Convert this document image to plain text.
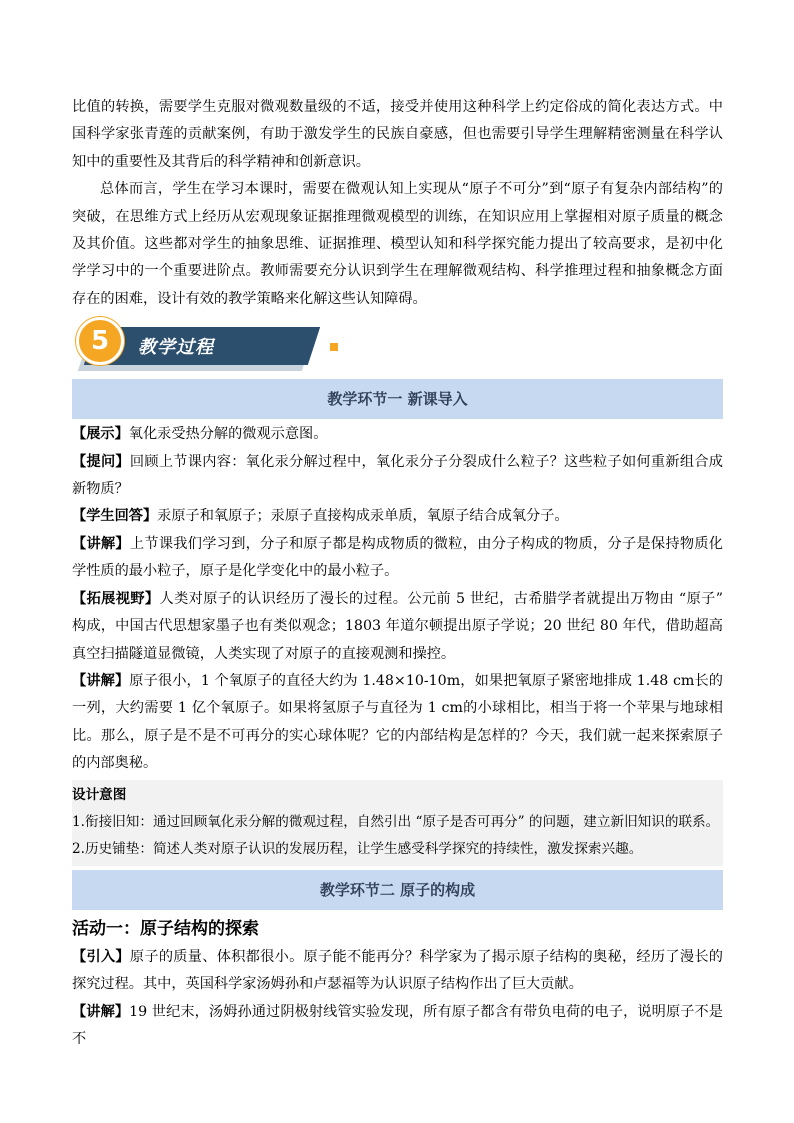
比值的转换，需要学生克服对微观数量级的不适，接受并使用这种科学上约定俗成的简化表达方式。中国科学家张青莲的贡献案例，有助于激发学生的民族自豪感，但也需要引导学生理解精密测量在科学认知中的重要性及其背后的科学精神和创新意识。

总体而言，学生在学习本课时，需要在微观认知上实现从“原子不可分”到“原子有复杂内部结构”的突破，在思维方式上经历从宏观现象证据推理微观模型的训练，在知识应用上掌握相对原子质量的概念及其价值。这些都对学生的抽象思维、证据推理、模型认知和科学探究能力提出了较高要求，是初中化学学习中的一个重要进阶点。教师需要充分认识到学生在理解微观结构、科学推理过程和抽象概念方面存在的困难，设计有效的教学策略来化解这些认知障碍。

5	教学过程
教学环节一 新课导入

【展示】氧化汞受热分解的微观示意图。

【提问】回顾上节课内容：氧化汞分解过程中，氧化汞分子分裂成什么粒子？这些粒子如何重新组合成新物质？

【学生回答】汞原子和氧原子；汞原子直接构成汞单质，氧原子结合成氧分子。

【讲解】上节课我们学习到，分子和原子都是构成物质的微粒，由分子构成的物质，分子是保持物质化学性质的最小粒子，原子是化学变化中的最小粒子。

【拓展视野】人类对原子的认识经历了漫长的过程。公元前 5 世纪，古希腊学者就提出万物由 “原子” 构成，中国古代思想家墨子也有类似观念；1803 年道尔顿提出原子学说；20 世纪 80 年代，借助超高真空扫描隧道显微镜，人类实现了对原子的直接观测和操控。

【讲解】原子很小，1 个氧原子的直径大约为 1.48×10-10m，如果把氧原子紧密地排成 1.48 cm长的一列，大约需要 1 亿个氧原子。如果将氢原子与直径为 1 cm的小球相比，相当于将一个苹果与地球相比。那么，原子是不是不可再分的实心球体呢？它的内部结构是怎样的？今天，我们就一起来探索原子的内部奥秘。

设计意图

1.衔接旧知：通过回顾氧化汞分解的微观过程，自然引出 “原子是否可再分” 的问题，建立新旧知识的联系。

2.历史铺垫：简述人类对原子认识的发展历程，让学生感受科学探究的持续性，激发探索兴趣。

教学环节二 原子的构成
活动一：原子结构的探索

【引入】原子的质量、体积都很小。原子能不能再分？科学家为了揭示原子结构的奥秘，经历了漫长的探究过程。其中，英国科学家汤姆孙和卢瑟福等为认识原子结构作出了巨大贡献。

【讲解】19 世纪末，汤姆孙通过阴极射线管实验发现，所有原子都含有带负电荷的电子，说明原子不是不
